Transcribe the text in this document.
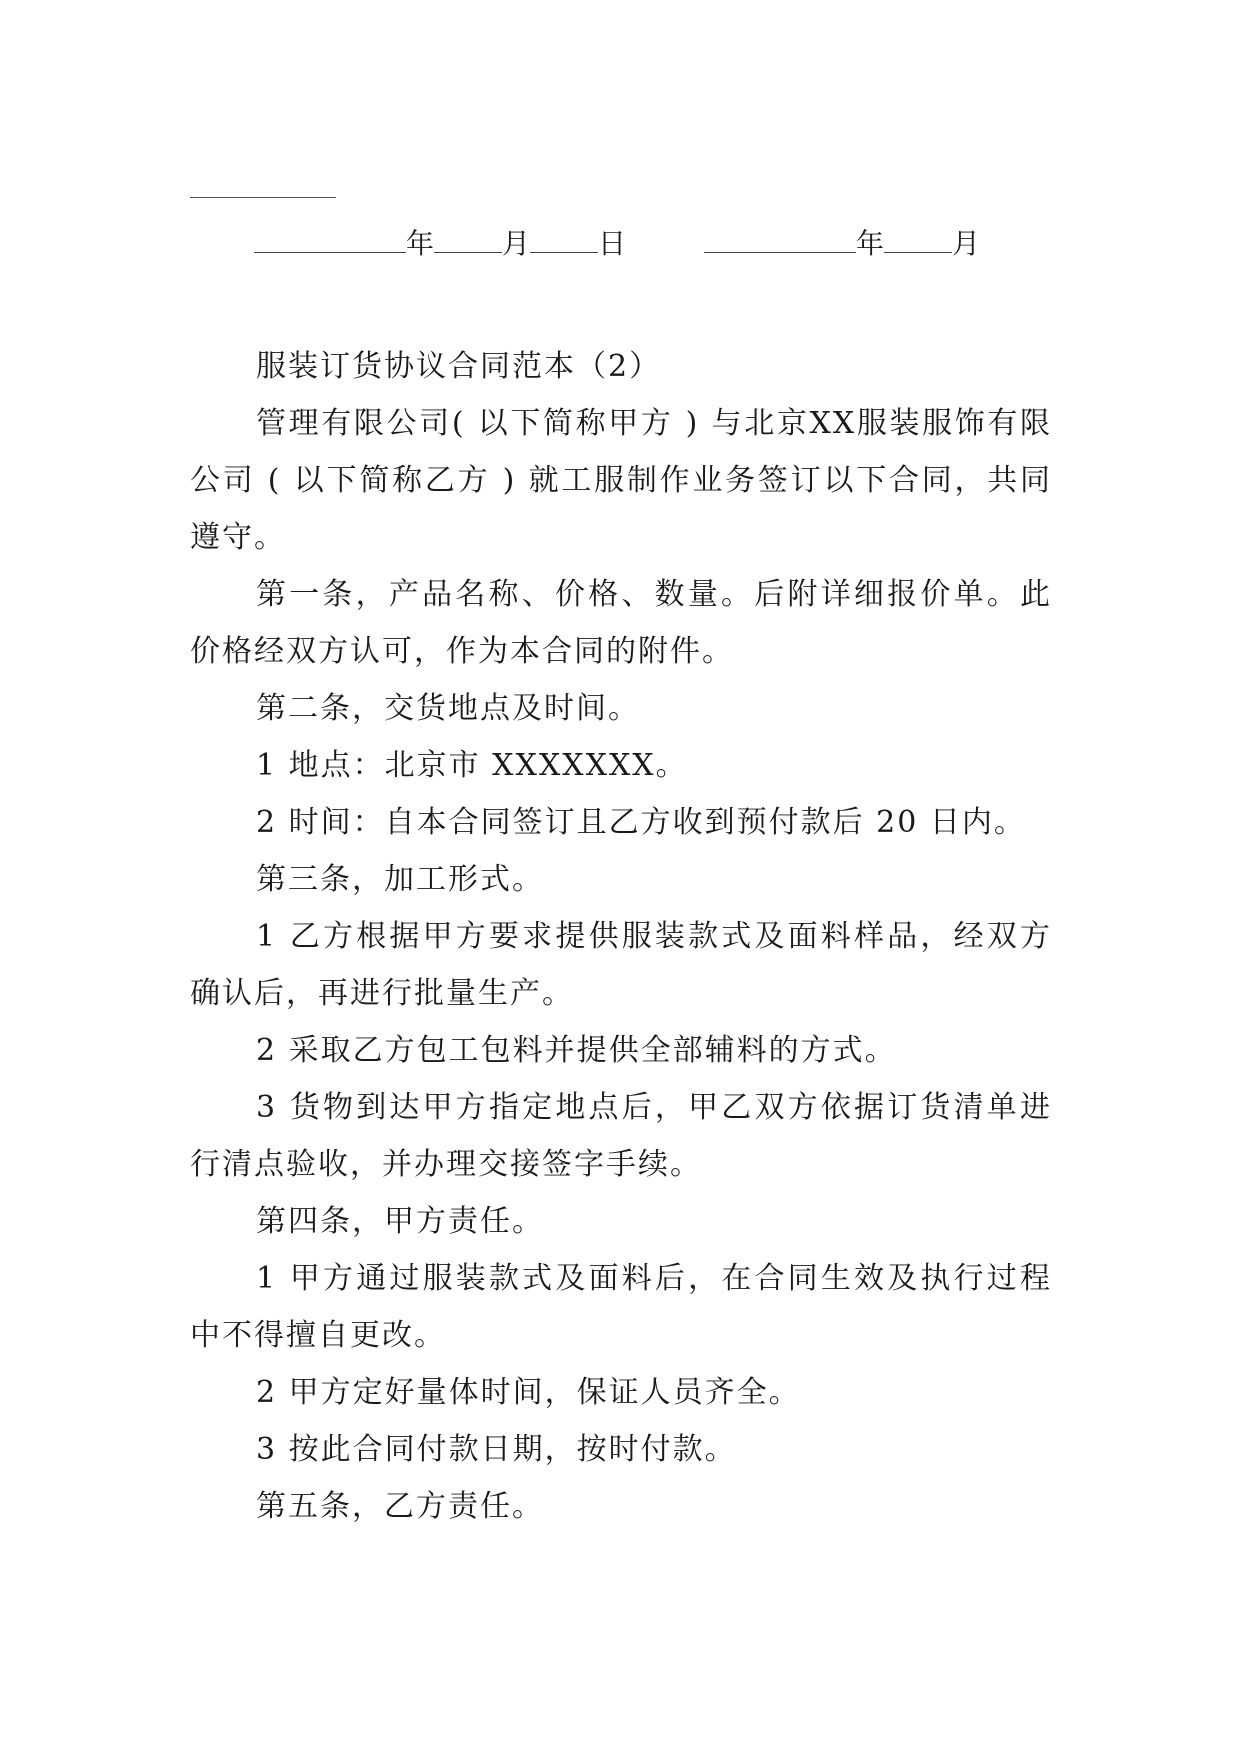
年 月 日	年 月

服装订货协议合同范本（2）

管理有限公司( 以下简称甲方 ) 与北京XX服装服饰有限公司 ( 以下简称乙方 ) 就工服制作业务签订以下合同，共同遵守。

第一条，产品名称、价格、数量。后附详细报价单。此价格经双方认可，作为本合同的附件。

第二条，交货地点及时间。

1 地点：北京市 XXXXXXX。

2 时间：自本合同签订且乙方收到预付款后 20 日内。

第三条，加工形式。

1 乙方根据甲方要求提供服装款式及面料样品，经双方确认后，再进行批量生产。

2 采取乙方包工包料并提供全部辅料的方式。

3 货物到达甲方指定地点后，甲乙双方依据订货清单进行清点验收，并办理交接签字手续。

第四条，甲方责任。

1 甲方通过服装款式及面料后，在合同生效及执行过程中不得擅自更改。

2 甲方定好量体时间，保证人员齐全。

3 按此合同付款日期，按时付款。

第五条，乙方责任。
